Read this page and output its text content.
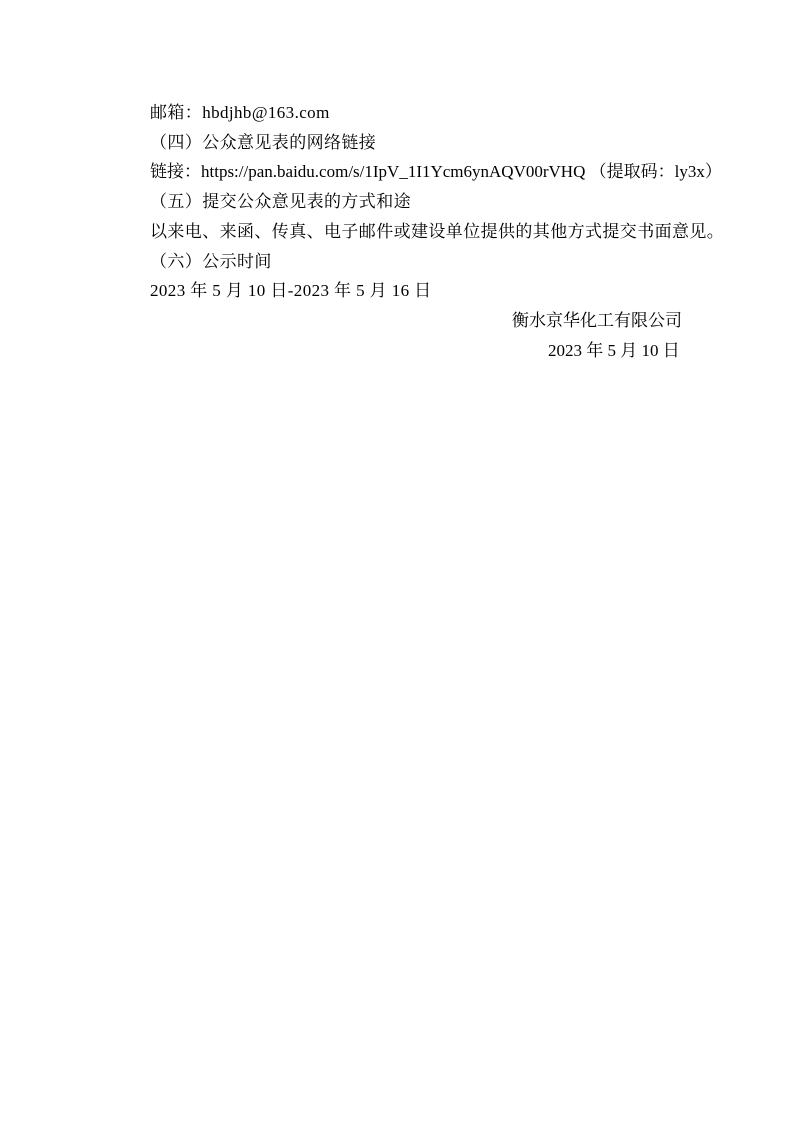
邮箱：hbdjhb@163.com
（四）公众意见表的网络链接
链接：https://pan.baidu.com/s/1IpV_1I1Ycm6ynAQV00rVHQ （提取码：ly3x）
（五）提交公众意见表的方式和途
以来电、来函、传真、电子邮件或建设单位提供的其他方式提交书面意见。
（六）公示时间
2023 年 5 月 10 日-2023 年 5 月 16 日
衡水京华化工有限公司
2023 年 5 月 10 日
